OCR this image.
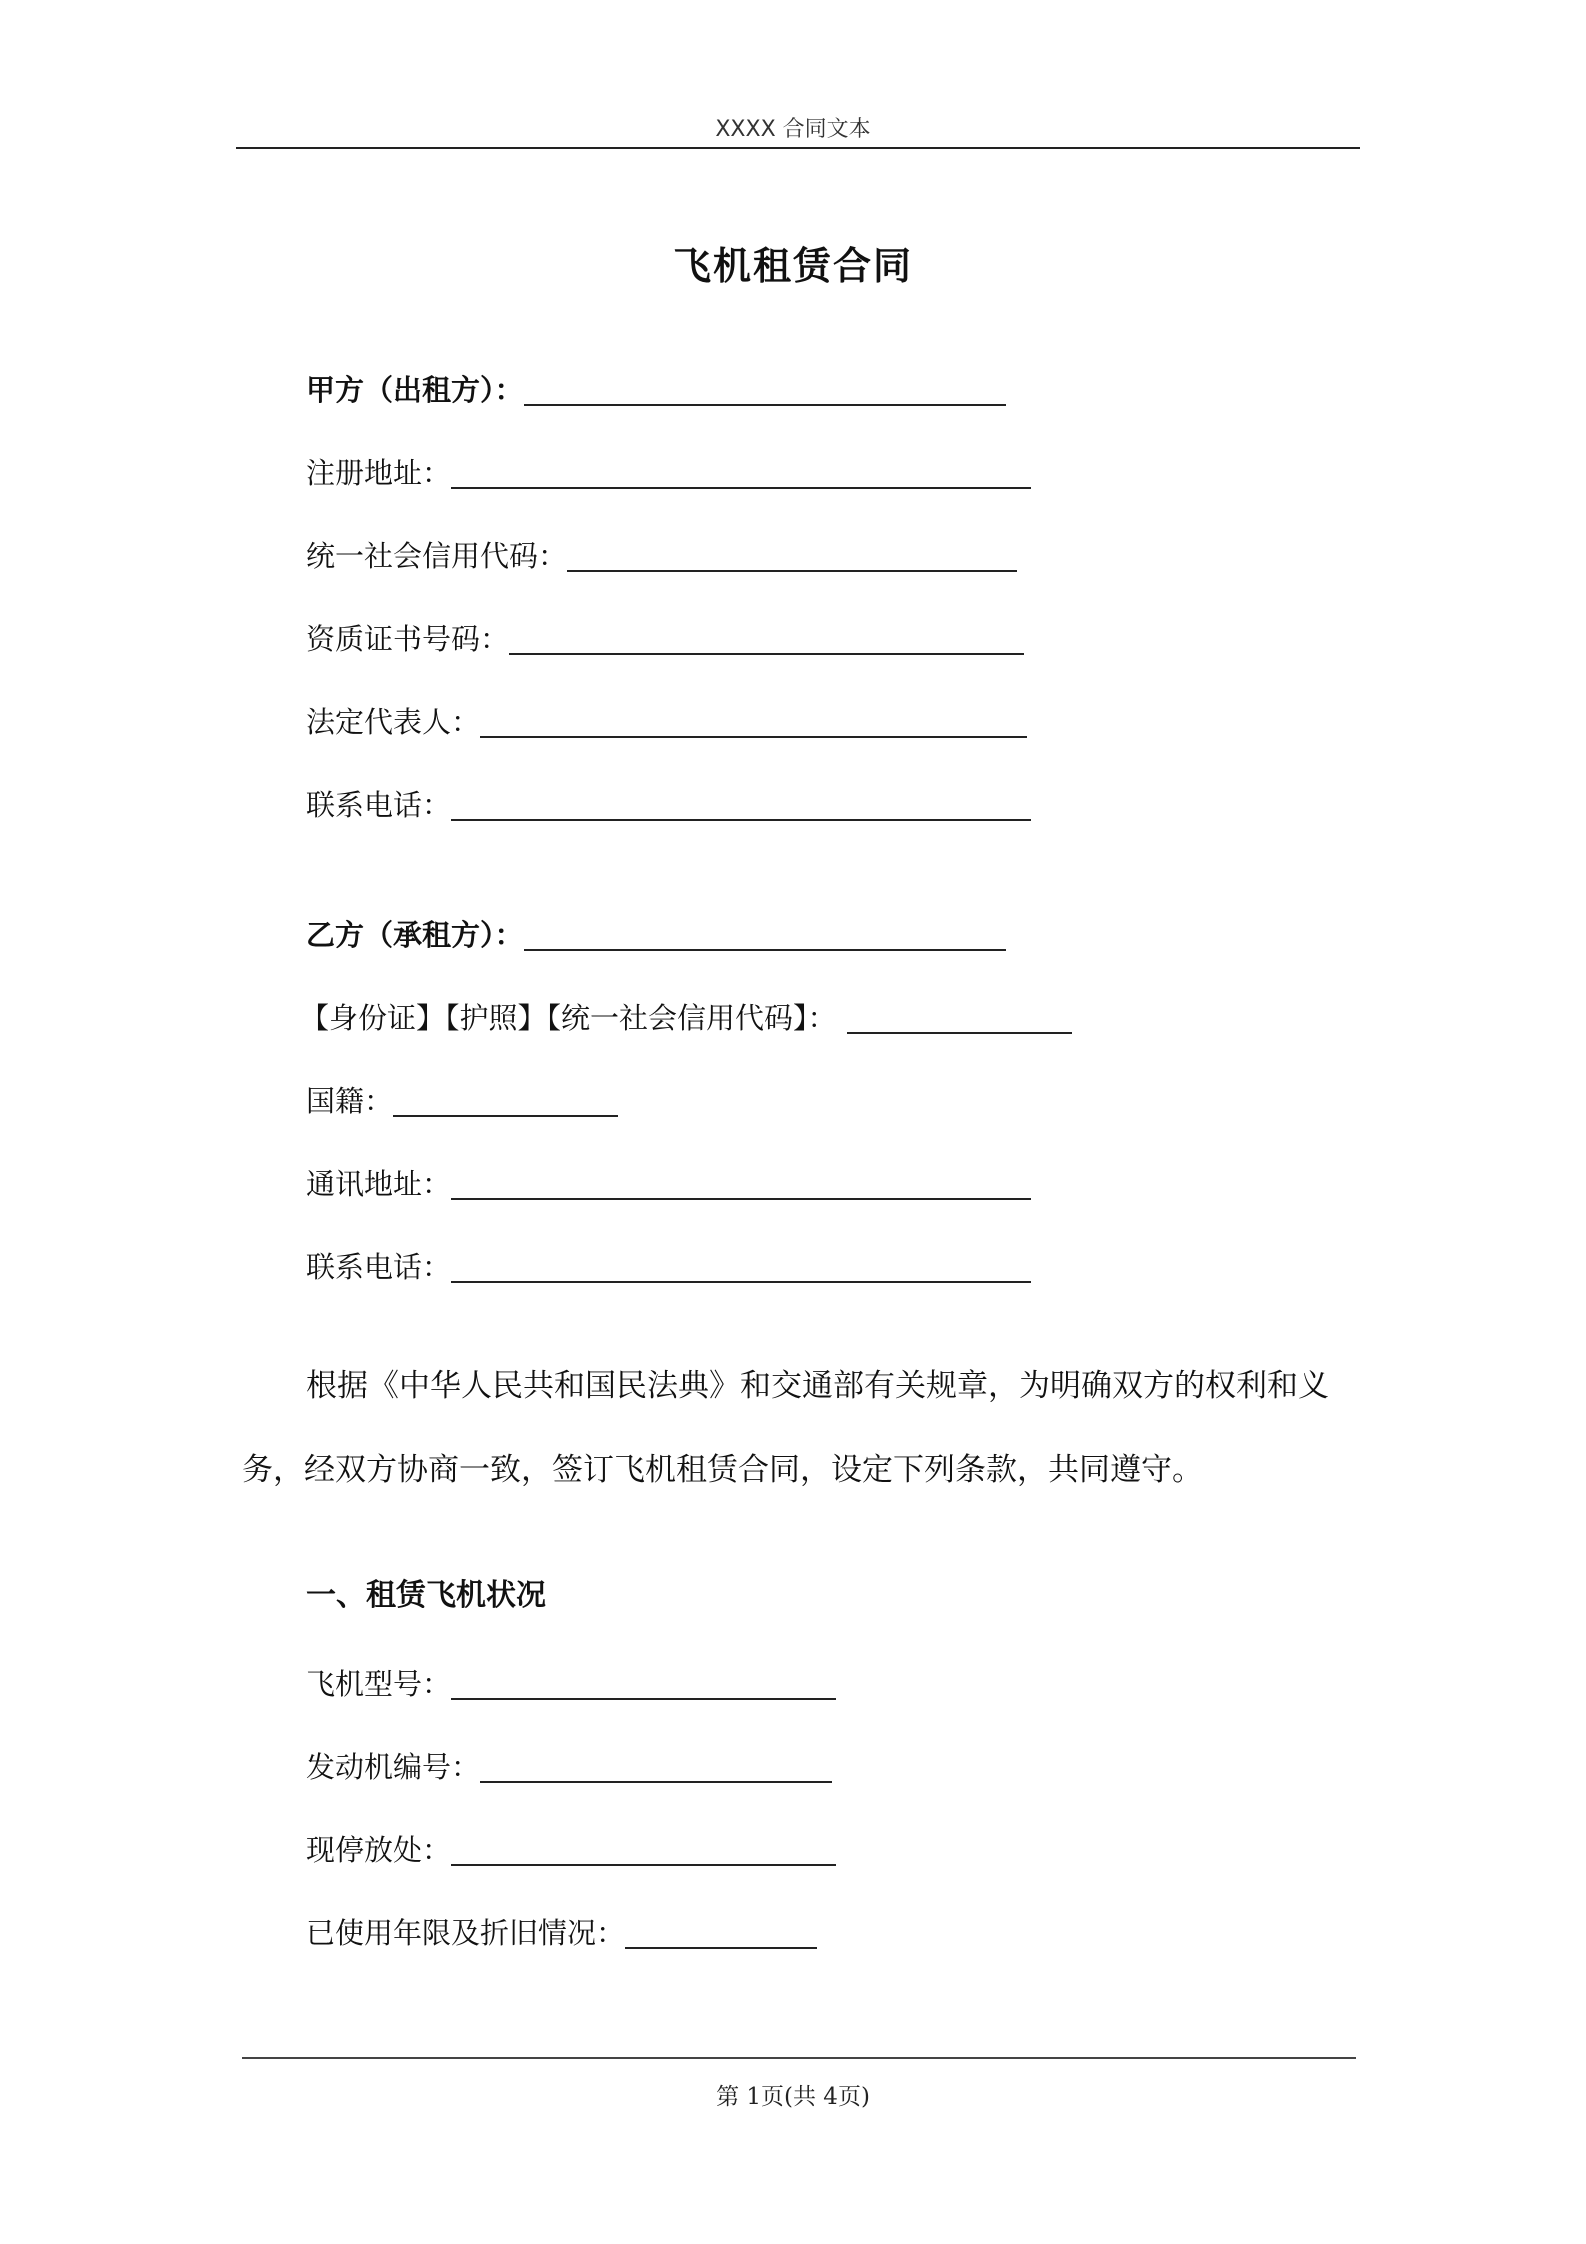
XXXX 合同文本
飞机租赁合同
甲方（出租方）：
注册地址：
统一社会信用代码：
资质证书号码：
法定代表人：
联系电话：
乙方（承租方）：
【身份证】【护照】【统一社会信用代码】：
国籍：
通讯地址：
联系电话：
根据《中华人民共和国民法典》和交通部有关规章，为明确双方的权利和义
务，经双方协商一致，签订飞机租赁合同，设定下列条款，共同遵守。
一、租赁飞机状况
飞机型号：
发动机编号：
现停放处：
已使用年限及折旧情况：
第 1页(共 4页)
